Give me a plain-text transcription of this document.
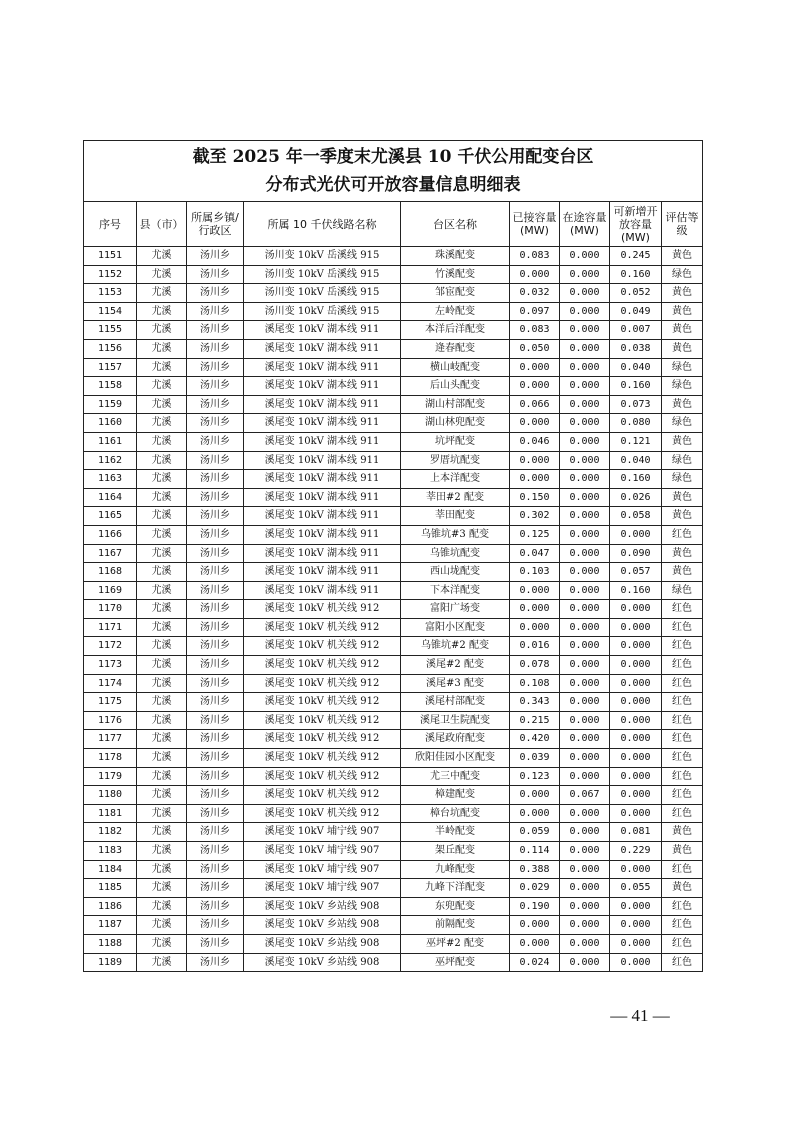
截至 2025 年一季度末尤溪县 10 千伏公用配变台区
分布式光伏可开放容量信息明细表								

序号	县（市）	所属乡镇/行政区	所属 10 千伏线路名称	台区名称	已接容量(MW)	在途容量(MW)	可新增开放容量(MW)	评估等级
1151	尤溪	汤川乡	汤川变 10kV 岳溪线 915	珠溪配变	0.083	0.000	0.245	黄色
1152	尤溪	汤川乡	汤川变 10kV 岳溪线 915	竹溪配变	0.000	0.000	0.160	绿色
1153	尤溪	汤川乡	汤川变 10kV 岳溪线 915	邹宦配变	0.032	0.000	0.052	黄色
1154	尤溪	汤川乡	汤川变 10kV 岳溪线 915	左岭配变	0.097	0.000	0.049	黄色
1155	尤溪	汤川乡	溪尾变 10kV 湖本线 911	本洋后洋配变	0.083	0.000	0.007	黄色
1156	尤溪	汤川乡	溪尾变 10kV 湖本线 911	逄春配变	0.050	0.000	0.038	黄色
1157	尤溪	汤川乡	溪尾变 10kV 湖本线 911	横山岐配变	0.000	0.000	0.040	绿色
1158	尤溪	汤川乡	溪尾变 10kV 湖本线 911	后山头配变	0.000	0.000	0.160	绿色
1159	尤溪	汤川乡	溪尾变 10kV 湖本线 911	湖山村部配变	0.066	0.000	0.073	黄色
1160	尤溪	汤川乡	溪尾变 10kV 湖本线 911	湖山林兜配变	0.000	0.000	0.080	绿色
1161	尤溪	汤川乡	溪尾变 10kV 湖本线 911	坑坪配变	0.046	0.000	0.121	黄色
1162	尤溪	汤川乡	溪尾变 10kV 湖本线 911	罗厝坑配变	0.000	0.000	0.040	绿色
1163	尤溪	汤川乡	溪尾变 10kV 湖本线 911	上本洋配变	0.000	0.000	0.160	绿色
1164	尤溪	汤川乡	溪尾变 10kV 湖本线 911	莘田#2 配变	0.150	0.000	0.026	黄色
1165	尤溪	汤川乡	溪尾变 10kV 湖本线 911	莘田配变	0.302	0.000	0.058	黄色
1166	尤溪	汤川乡	溪尾变 10kV 湖本线 911	乌锥坑#3 配变	0.125	0.000	0.000	红色
1167	尤溪	汤川乡	溪尾变 10kV 湖本线 911	乌锥坑配变	0.047	0.000	0.090	黄色
1168	尤溪	汤川乡	溪尾变 10kV 湖本线 911	西山垅配变	0.103	0.000	0.057	黄色
1169	尤溪	汤川乡	溪尾变 10kV 湖本线 911	下本洋配变	0.000	0.000	0.160	绿色
1170	尤溪	汤川乡	溪尾变 10kV 机关线 912	富阳广场变	0.000	0.000	0.000	红色
1171	尤溪	汤川乡	溪尾变 10kV 机关线 912	富阳小区配变	0.000	0.000	0.000	红色
1172	尤溪	汤川乡	溪尾变 10kV 机关线 912	乌锥坑#2 配变	0.016	0.000	0.000	红色
1173	尤溪	汤川乡	溪尾变 10kV 机关线 912	溪尾#2 配变	0.078	0.000	0.000	红色
1174	尤溪	汤川乡	溪尾变 10kV 机关线 912	溪尾#3 配变	0.108	0.000	0.000	红色
1175	尤溪	汤川乡	溪尾变 10kV 机关线 912	溪尾村部配变	0.343	0.000	0.000	红色
1176	尤溪	汤川乡	溪尾变 10kV 机关线 912	溪尾卫生院配变	0.215	0.000	0.000	红色
1177	尤溪	汤川乡	溪尾变 10kV 机关线 912	溪尾政府配变	0.420	0.000	0.000	红色
1178	尤溪	汤川乡	溪尾变 10kV 机关线 912	欣阳佳园小区配变	0.039	0.000	0.000	红色
1179	尤溪	汤川乡	溪尾变 10kV 机关线 912	尤三中配变	0.123	0.000	0.000	红色
1180	尤溪	汤川乡	溪尾变 10kV 机关线 912	樟建配变	0.000	0.067	0.000	红色
1181	尤溪	汤川乡	溪尾变 10kV 机关线 912	樟台坑配变	0.000	0.000	0.000	红色
1182	尤溪	汤川乡	溪尾变 10kV 埔宁线 907	半岭配变	0.059	0.000	0.081	黄色
1183	尤溪	汤川乡	溪尾变 10kV 埔宁线 907	架丘配变	0.114	0.000	0.229	黄色
1184	尤溪	汤川乡	溪尾变 10kV 埔宁线 907	九峰配变	0.388	0.000	0.000	红色
1185	尤溪	汤川乡	溪尾变 10kV 埔宁线 907	九峰下洋配变	0.029	0.000	0.055	黄色
1186	尤溪	汤川乡	溪尾变 10kV 乡站线 908	东兜配变	0.190	0.000	0.000	红色
1187	尤溪	汤川乡	溪尾变 10kV 乡站线 908	前隔配变	0.000	0.000	0.000	红色
1188	尤溪	汤川乡	溪尾变 10kV 乡站线 908	巫坪#2 配变	0.000	0.000	0.000	红色
1189	尤溪	汤川乡	溪尾变 10kV 乡站线 908	巫坪配变	0.024	0.000	0.000	红色
— 41 —
